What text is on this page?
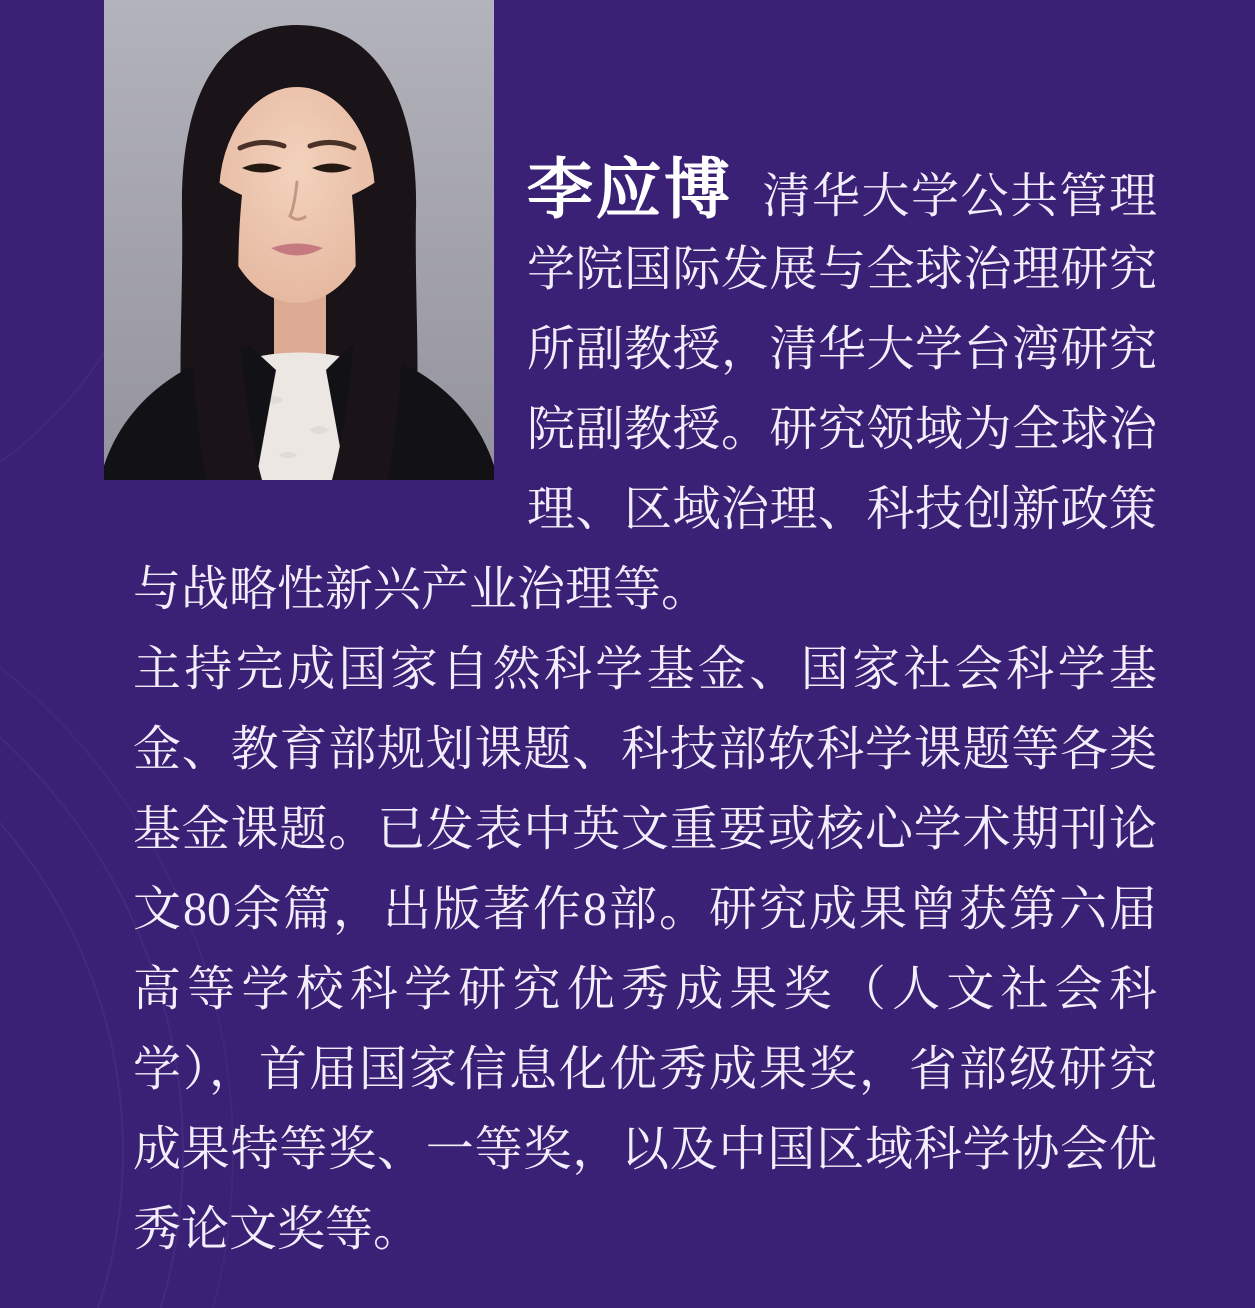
李应博 清华大学公共管理
学院国际发展与全球治理研究
所副教授，清华大学台湾研究
院副教授。研究领域为全球治
理、区域治理、科技创新政策
与战略性新兴产业治理等。
主持完成国家自然科学基金、国家社会科学基
金、教育部规划课题、科技部软科学课题等各类
基金课题。已发表中英文重要或核心学术期刊论
文80余篇，出版著作8部。研究成果曾获第六届
高等学校科学研究优秀成果奖（人文社会科
学），首届国家信息化优秀成果奖，省部级研究
成果特等奖、一等奖，以及中国区域科学协会优
秀论文奖等。
